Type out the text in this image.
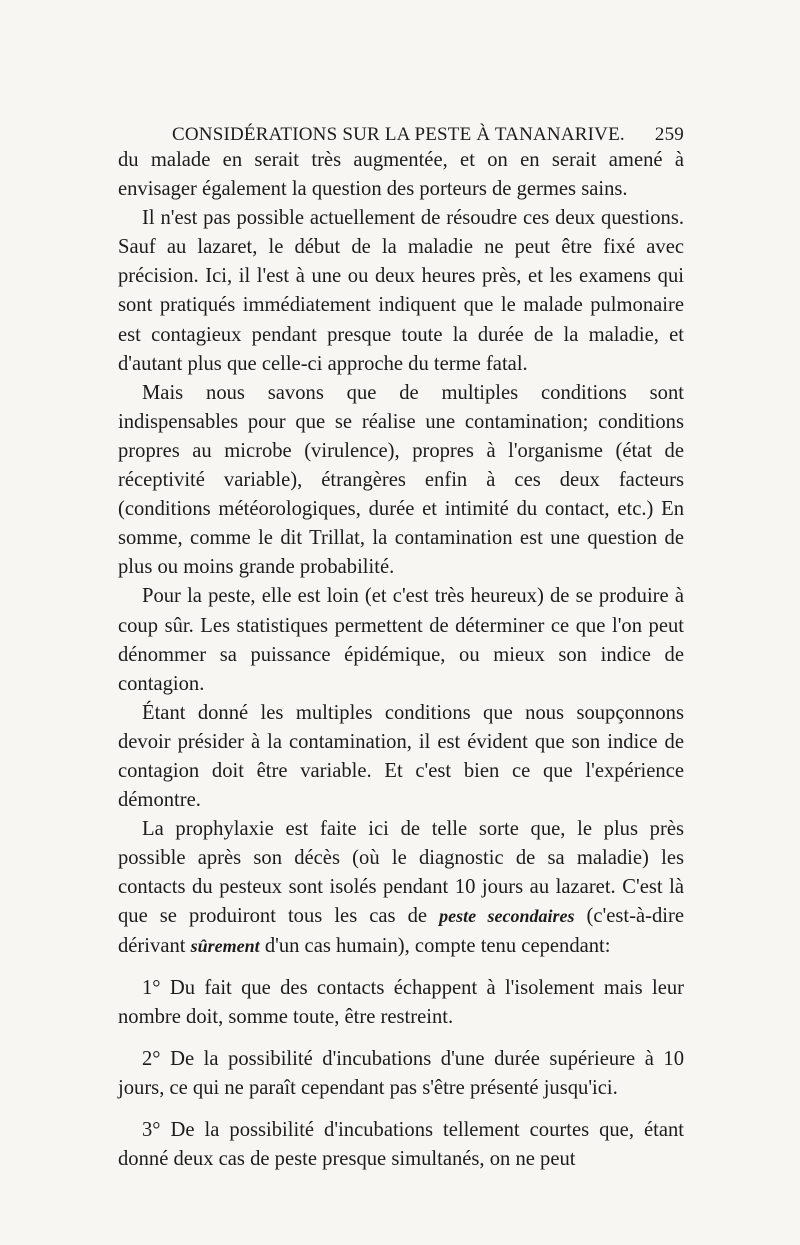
CONSIDÉRATIONS SUR LA PESTE À TANANARIVE. 259

du malade en serait très augmentée, et on en serait amené à envisager également la question des porteurs de germes sains.

Il n'est pas possible actuellement de résoudre ces deux questions. Sauf au lazaret, le début de la maladie ne peut être fixé avec précision. Ici, il l'est à une ou deux heures près, et les examens qui sont pratiqués immédiatement indiquent que le malade pulmonaire est contagieux pendant presque toute la durée de la maladie, et d'autant plus que celle-ci approche du terme fatal.

Mais nous savons que de multiples conditions sont indispensables pour que se réalise une contamination; conditions propres au microbe (virulence), propres à l'organisme (état de réceptivité variable), étrangères enfin à ces deux facteurs (conditions météorologiques, durée et intimité du contact, etc.) En somme, comme le dit Trillat, la contamination est une question de plus ou moins grande probabilité.

Pour la peste, elle est loin (et c'est très heureux) de se produire à coup sûr. Les statistiques permettent de déterminer ce que l'on peut dénommer sa puissance épidémique, ou mieux son indice de contagion.

Étant donné les multiples conditions que nous soupçonnons devoir présider à la contamination, il est évident que son indice de contagion doit être variable. Et c'est bien ce que l'expérience démontre.

La prophylaxie est faite ici de telle sorte que, le plus près possible après son décès (où le diagnostic de sa maladie) les contacts du pesteux sont isolés pendant 10 jours au lazaret. C'est là que se produiront tous les cas de peste secondaires (c'est-à-dire dérivant sûrement d'un cas humain), compte tenu cependant:

1° Du fait que des contacts échappent à l'isolement mais leur nombre doit, somme toute, être restreint.

2° De la possibilité d'incubations d'une durée supérieure à 10 jours, ce qui ne paraît cependant pas s'être présenté jusqu'ici.

3° De la possibilité d'incubations tellement courtes que, étant donné deux cas de peste presque simultanés, on ne peut
